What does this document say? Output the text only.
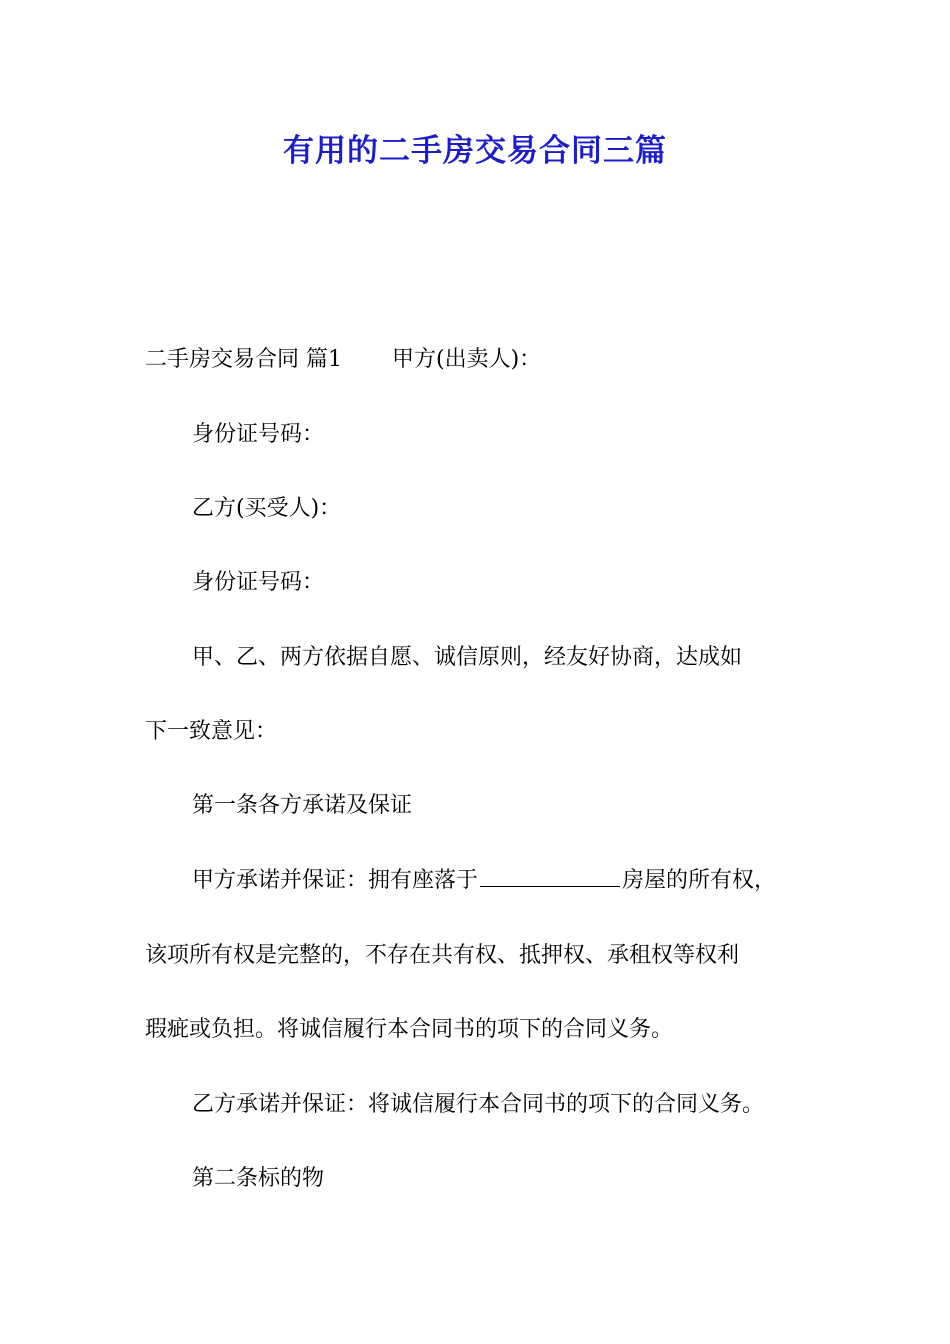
有用的二手房交易合同三篇
二手房交易合同 篇1 甲方(出卖人)：
身份证号码：
乙方(买受人)：
身份证号码：
甲、乙、两方依据自愿、诚信原则，经友好协商，达成如
下一致意见：
第一条各方承诺及保证
甲方承诺并保证：拥有座落于	房屋的所有权，
该项所有权是完整的，不存在共有权、抵押权、承租权等权利
瑕疵或负担。将诚信履行本合同书的项下的合同义务。
乙方承诺并保证：将诚信履行本合同书的项下的合同义务。
第二条标的物
